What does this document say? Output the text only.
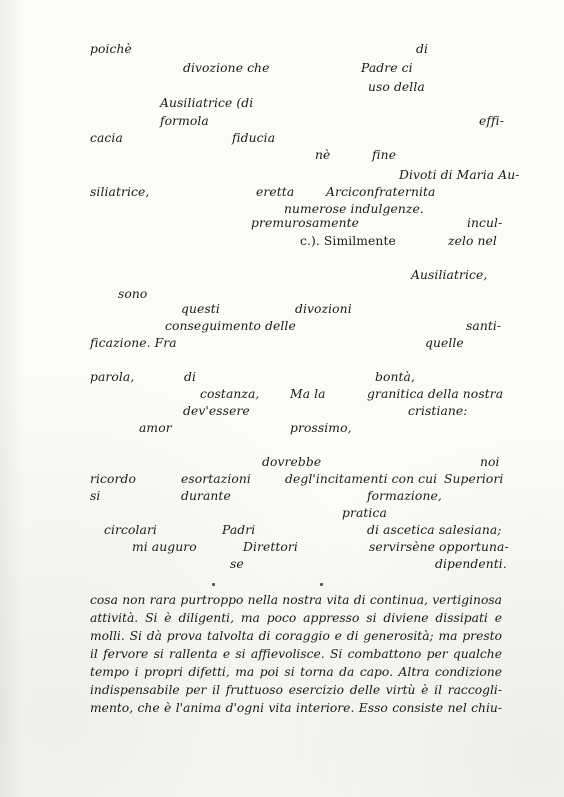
poichè	di
divozione che	Padre ci
uso della
Ausiliatrice (di
formola	effi-
cacia	fiducia
nè	fine
Divoti di Maria Au-
siliatrice,	eretta	Arciconfraternita
numerose indulgenze.
premurosamente	incul-
c.). Similmente	zelo nel
Ausiliatrice,
sono
questi	divozioni
conseguimento delle	santi-
ficazione. Fra	quelle
parola,	di	bontà,
costanza, Ma la	granitica della nostra
dev'essere	cristiane:
amor	prossimo,
dovrebbe	noi
ricordo	esortazioni	degl'incitamenti con cui Superiori
si	durante	formazione,
pratica
circolari	Padri	di ascetica salesiana;
mi auguro	Direttori	servirsène opportuna-
se	dipendenti.
cosa non rara purtroppo nella nostra vita di continua, vertiginosa
attività. Si è diligenti, ma poco appresso si diviene dissipati e
molli. Si dà prova talvolta di coraggio e di generosità; ma presto
il fervore si rallenta e si affievolisce. Si combattono per qualche
tempo i propri difetti, ma poi si torna da capo. Altra condizione
indispensabile per il fruttuoso esercizio delle virtù è il raccogli-
mento, che è l'anima d'ogni vita interiore. Esso consiste nel chiu-
